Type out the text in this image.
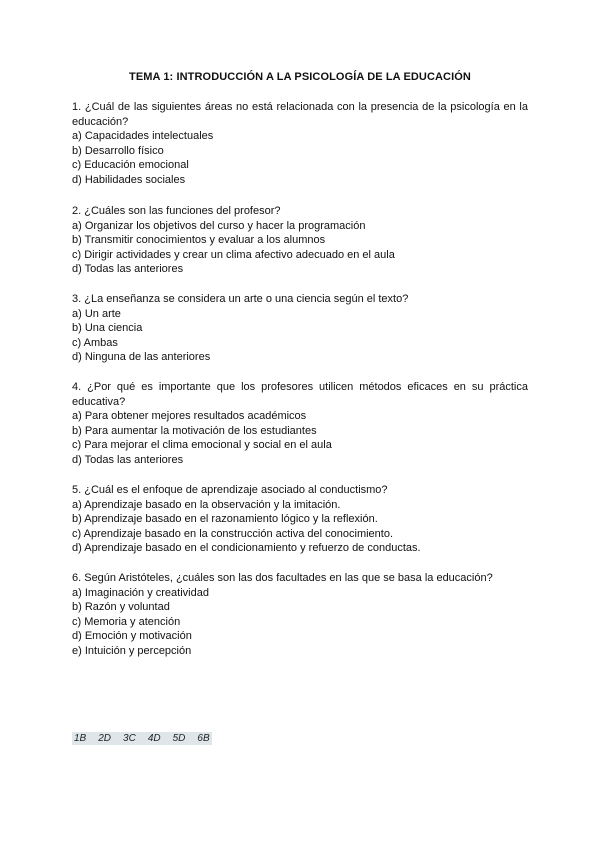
TEMA 1: INTRODUCCIÓN A LA PSICOLOGÍA DE LA EDUCACIÓN
1. ¿Cuál de las siguientes áreas no está relacionada con la presencia de la psicología en la educación?
a) Capacidades intelectuales
b) Desarrollo físico
c) Educación emocional
d) Habilidades sociales
2. ¿Cuáles son las funciones del profesor?
a) Organizar los objetivos del curso y hacer la programación
b) Transmitir conocimientos y evaluar a los alumnos
c) Dirigir actividades y crear un clima afectivo adecuado en el aula
d) Todas las anteriores
3. ¿La enseñanza se considera un arte o una ciencia según el texto?
a) Un arte
b) Una ciencia
c) Ambas
d) Ninguna de las anteriores
4. ¿Por qué es importante que los profesores utilicen métodos eficaces en su práctica educativa?
a) Para obtener mejores resultados académicos
b) Para aumentar la motivación de los estudiantes
c) Para mejorar el clima emocional y social en el aula
d) Todas las anteriores
5. ¿Cuál es el enfoque de aprendizaje asociado al conductismo?
a) Aprendizaje basado en la observación y la imitación.
b) Aprendizaje basado en el razonamiento lógico y la reflexión.
c) Aprendizaje basado en la construcción activa del conocimiento.
d) Aprendizaje basado en el condicionamiento y refuerzo de conductas.
6. Según Aristóteles, ¿cuáles son las dos facultades en las que se basa la educación?
a) Imaginación y creatividad
b) Razón y voluntad
c) Memoria y atención
d) Emoción y motivación
e) Intuición y percepción
1B 2D 3C 4D 5D 6B
